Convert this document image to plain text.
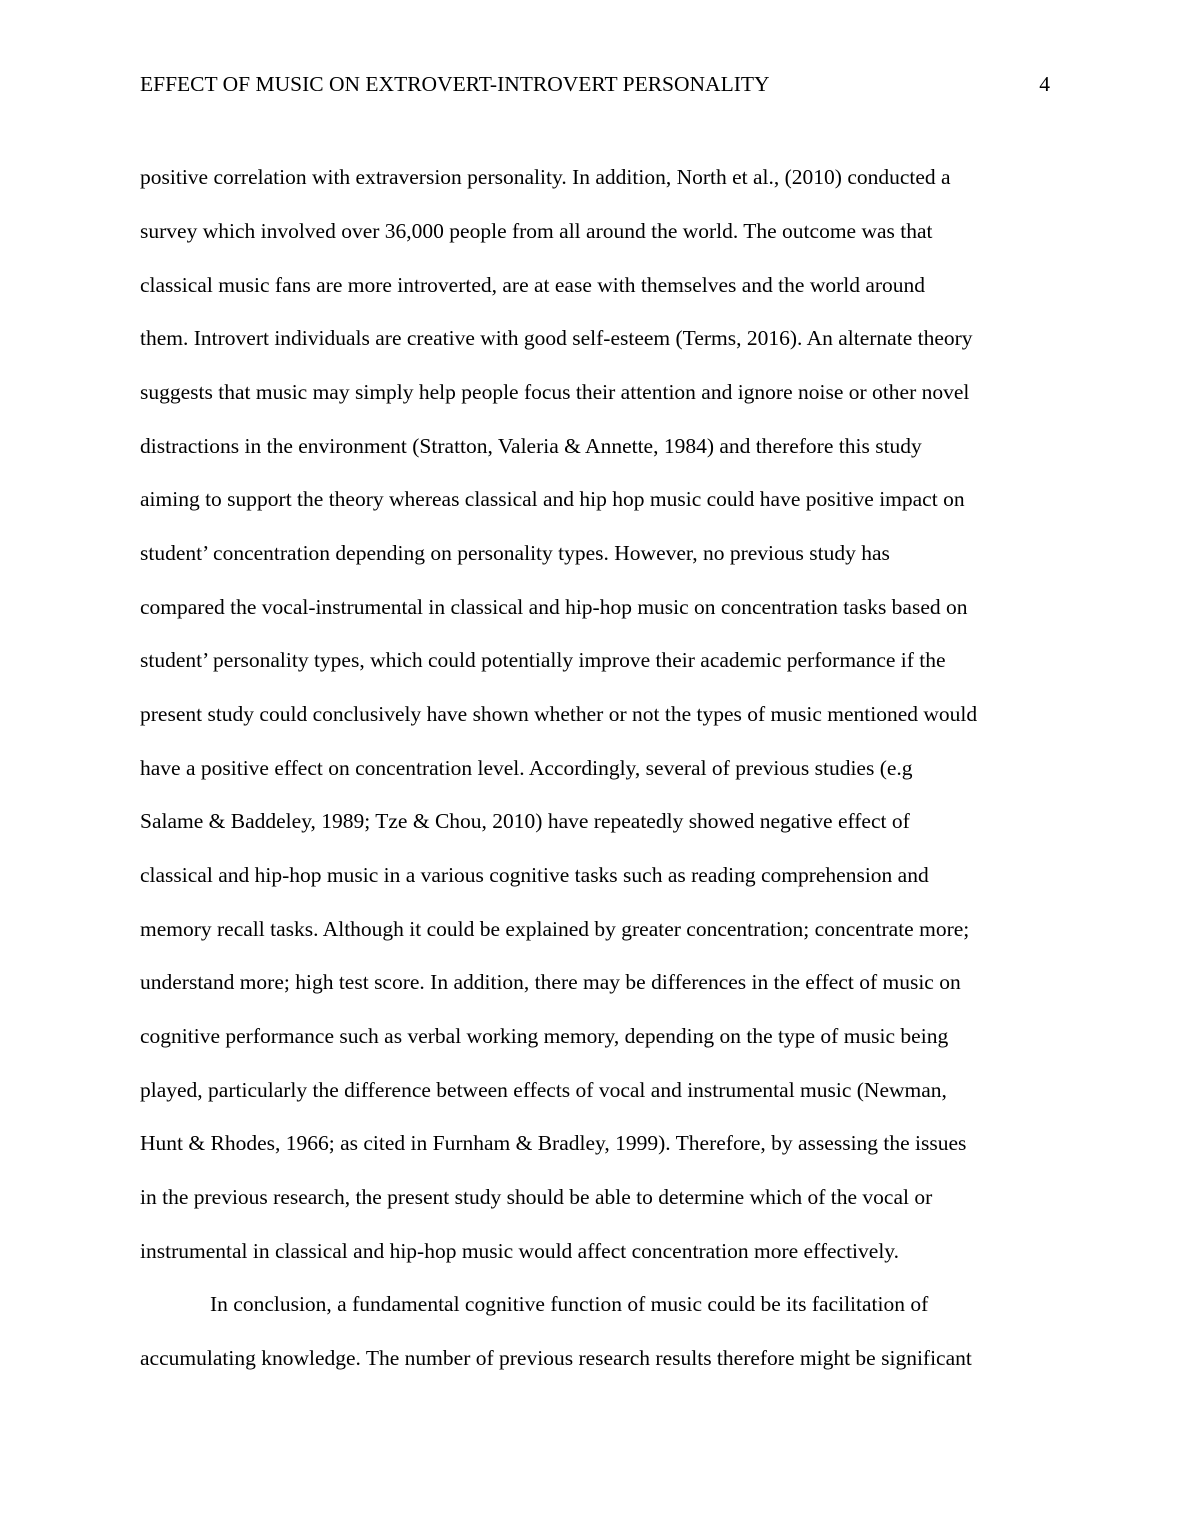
EFFECT OF MUSIC ON EXTROVERT-INTROVERT PERSONALITY	4
positive correlation with extraversion personality. In addition, North et al., (2010) conducted a
survey which involved over 36,000 people from all around the world. The outcome was that
classical music fans are more introverted, are at ease with themselves and the world around
them. Introvert individuals are creative with good self-esteem (Terms, 2016). An alternate theory
suggests that music may simply help people focus their attention and ignore noise or other novel
distractions in the environment (Stratton, Valeria & Annette, 1984) and therefore this study
aiming to support the theory whereas classical and hip hop music could have positive impact on
student’ concentration depending on personality types. However, no previous study has
compared the vocal-instrumental in classical and hip-hop music on concentration tasks based on
student’ personality types, which could potentially improve their academic performance if the
present study could conclusively have shown whether or not the types of music mentioned would
have a positive effect on concentration level. Accordingly, several of previous studies (e.g
Salame & Baddeley, 1989; Tze & Chou, 2010) have repeatedly showed negative effect of
classical and hip-hop music in a various cognitive tasks such as reading comprehension and
memory recall tasks. Although it could be explained by greater concentration; concentrate more;
understand more; high test score. In addition, there may be differences in the effect of music on
cognitive performance such as verbal working memory, depending on the type of music being
played, particularly the difference between effects of vocal and instrumental music (Newman,
Hunt & Rhodes, 1966; as cited in Furnham & Bradley, 1999). Therefore, by assessing the issues
in the previous research, the present study should be able to determine which of the vocal or
instrumental in classical and hip-hop music would affect concentration more effectively.
In conclusion, a fundamental cognitive function of music could be its facilitation of
accumulating knowledge. The number of previous research results therefore might be significant
